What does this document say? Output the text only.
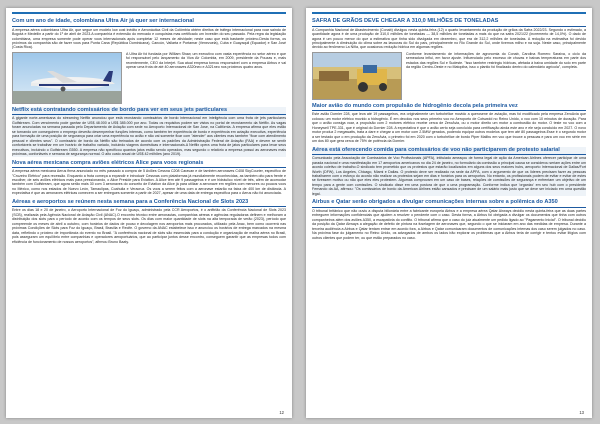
Com um ano de idade, colombiana Ultra Air já quer ser internacional

A empresa aérea colombiana Ultra Air, que segue um modelo low cost inédito e Aeronáutica Civil da Colômbia obtém direitos de tráfego internacional para voar saindo de Bogotá e Medellín a partir do 1º de abril de 2023.A companhia é extensão do mercado e conquistas mas certificado um Investim do seu passado. Pela regra da legislação colombiana, uma empresa somente pode operar voos internacionais após completar 12 meses de atividade; neste caso que está bastante próximo.Desta forma, os próximos da companhia são de fazer voos para Punta Cana (República Dominicana), Cancún, Vallarta e Portamar (Venezuela), Cuba e Guayaquil (Equador) e San José (Costa Rica).

A Ultra Air foi fundada por William Shaw, um executivo com vasta experiência no setor aéreo e que foi responsável pelo lançamento da Viva Air Colombia, em 2009, presidente da Pouzas e, mais recentemente, CEO da Interjet. Sua atual empresa tornou responsável com a empresa Airbus e vai operar uma frota de até 40 aeronaves A320neo e A321neo nos próximos quatro anos.

Netflix está contratando comissários de bordo para ver em seus jets particulares

A gigante norte-americana do streaming Netflix anunciou que está recrutando comissários de bordo internacional em inteligência com uma frota de jets particulares Gulfstream. Com vencimento pode ganhar de US$ 48.000 a US$ 385.000 por ano. Todas os requisitos podem ser vistos no portal de recrutamento da Netflix. As vagas foram anunciadas na semana passada pelo Departamento de Aviação com sede no Aeroporto Internacional de San Jose, na Califórnia. A empresa afirma que eles estão se tornando um conseguirem o emprego deverão desempenhar funções internas, como também ter experiência de bordo e experiência em aviação executiva, experiência para formação de uma posição de segurança para criar uma experiência no avião e não vai somente ficar com "atender" aos clientes mas também "ficar com atendimento pessoal e clientes seus". O comissário de bordo da Netflix são treinados de acordo com os padrões da Administração Federal de Aviação (FAA) e devem se sentir confortáveis se trabalhar em um horário de trabalho variado, incluindo viagens domésticas e internacionais.A Netflix opera uma frota de jatos particulares para levar seus executivos, incluindo o Gulfstream G550. A empresa não specificou quantos jatos estão sendo operados, mas segundo o relatório a empresa possui as aeronaves mais próximas, confortáveis e semana de segurança normal. O alto custo anual de US$ 42 milhões (ano 2019).

Nova aérea mexicana compra aviões elétricos Alice para voos regionais

A empresa aérea mexicana Aerus firma anunciado no mês passado a compra de 5 Aviões Cessna C208 Caravan e de também aeronaves C408 SkyCourier, específico de "Cruzeiro Elétrico" para recessão. Enquanto a frota começa a expandir e introduzir Cessnas com plataformas já mundialmente reconhecidas, as também oito para frente e escolher, de seis aviões elétricos mais para pressionando, o Alice Preside para Eviation. A Alice tem até 9 passageiros e é um hidráulico nível de três, além de acomodar também com Gulfstream, que agora serão mais 30 com 3 aeronaves do conceito de Eviation da Alice já para utilizar a aeronave em regiões com menores ou poucos voos no México, como nos estados de Nuevo León, Tamaulipas, Coahuila e Veracruz. Os voos a serem feitos com a aeronave estarão na faixa de 400 km de distância. A expectativa é que as aeronaves elétricas comecem a ser entregues somente a partir de 2027, apesar de uma data de entrega específica para o Aerus não foi anunciada.

Aéreas e aeroportos se reúnem nesta semana para a Conferência Nacional de Slots 2023

Entre os dias 18 e 20 de janeiro, o Aeroporto Internacional de Foz do Iguaçu, administrado pela CCR Aeroportos, é o anfitrião da Conferência Nacional de Slots 2023 (SCB), realizada pela Agência Nacional de Aviação Civil (ANAC).O encontro técnico entre aeronautas, companhias aéreas e agências reguladoras definem e melhoram a distribuição dos slots para o período de acordo com os tempos de seus slots. Os dias com maior quantidade de slots na alta temporada de verão (2023), período que compreende os meses de abril a outubro, com horários de dados de pouso e decolagem nos aeroportos mais procurados, utilizado pela Anac, bem como ocorrerá nas próximas Condições de Slots para Foz do Iguaçu, Brasil, Brasília e Recife. O governo da ANAC estabelece isso e anunciou os horários de entrega marcados na mesma data, refletindo o próximo de importância do evento no Brasil. "A conferência nacional de slots são essenciais para a condução e organização de malha aérea no Brasil, pois asseguram um equilíbrio entre companhias e operadores aeroportuários, que ao participar juntos desse encontro, conseguem garantir que as empresas todos com eficiência de funcionamento de nossos aeroportos", afirmou Bruno Baaty.

12
SAFRA DE GRÃOS DEVE CHEGAR A 310,0 MILHÕES DE TONELADAS

A Companhia Nacional de Abastecimento (Conab) divulgou nesta quinta-feira (12) o quarto levantamento da produção de grãos da Safra 2022/23. Segundo o estimado, a quantidade agora é de uma produção de 310,0 milhões de toneladas — 38,5 milhões de toneladas a mais do que na safra 2021/22 (incremento de 14,0%). O dado de agora é um pouco menor do que a estimativa que tinha sido divulgada em dezembro, que era de 312,2 milhões de toneladas. A redução na estimativa foi devido principalmente à diminuição do clima sobre as lavouras do Sul do país, principalmente no Rio Grande do Sul, onde tivemos milho e na soja. Neste caso, principalmente devido ao fenômeno La Niña, que ocasionou redução hídrica em algumas regiões.

Conforme levantamento de informações de agronomia do Conab, Carolina Romero Saraiva, o ciclo da semeadura influi, em favor ajuste. Influenciado pelo excesso de chuvas e baixas temperaturas em parte dos estados das regiões Sul e Sudeste. "Isso também restringiu hídricas, afetada à baixa umidade do solo em parte da região Centro-Oeste e no Matopiba, isso o plantio foi finalizado dentro do calendário agrícola", completa.

Maior avião do mundo com propulsão de hidrogênio decola pela primeira vez

Este avião Dornier 228, que leva até 19 passageiros, era originalmente um turbohélice movido a querosene de aviação, mas foi modificado pela empresa ZeroAvia que colocou um motor elétrico movido a hidrogênio. É em decolou nos seus primeiro voo no Aeroporto de Cotswold no Reino Unido, o voo com 10 minutos de duração. Para que o avião consiga voar, a propulsão com 2 motores elétrico recebe cerca de ZeroAvia, ou o motor direito um motor a combustão do motor. O teste no voo com a Honeywell TPE-331, que é original do Dornier 228. A expectativa é que o avião certo seja concluído para certificação ainda este ano e ele seja concluído em 2027. O novo motor produz 2 megawatts, trata a dare e chegar a um motor com 2.5MW gerados, podendo equipar outros modelos que tem até 80 passageiros.Esse é o segundo motor a ser testado que o em produção da ZeroAvia, o primeiro foi em 2020 com o turbohélice de bordo Piper Malibu em voo que trouxe a pessoas e para um voo em série em um dos 80 que gera cerca de 75% de potência da Dornier.

Aérea está oferecendo comida para comissários de voo não participarem de protesto salarial

Comunicado pela Associação de Comissários de Voo Profissionais (APFA), intitulado ameaçou de forma legal de ação da American Airlines oferecer participar de uma parada nacional e uma manifestação em 17 aeroportos americanos no dia 24 de janeiro, no formulário da comissão a principal causa se considerou seriam ações entre um acordo coletivo de trabalho.O sindicato tem prometido que os protestos que estarão localizados em alguns dos seus maiores hubs, aeroporto Internacional de Dallas/Fort Worth (DFW), Los Angeles, Chicago, Miami e Dallas. O protesto deve ser realizado na sede da APFA, com o argumento de que os líderes precisam fazer as pessoas trabalharem com o esforço do acordo não realizar os protestos sejam em dias e horários para os aeroportos. No entanto, os profissionais podem de evitar e evitar de estes se tivessem motivo ou não que eles eles protestem. Algumas comprovam em um caso de bases, relações de comissões de segurança e enfrentam um objetivo de um tempo para a gente com comissões. O sindicato disse em uma postura de que o uma programação. Conforme indica que 'organizo' em seu hub com o presidente Fernando da AA, afirmou: "Os comissários de bordo da American Airlines estão cansados e precisam de um salário mais justo que se deve ser iniciado em uma questão legal.

Airbus e Qatar serão obrigados a divulgar comunicações internas sobre a polêmica do A350

O tribunal britânico que não ouviu a disputa bilionária entre a fabricante europeia Airbus e a empresa aérea Qatar Airways decidiu nesta quinta-feira que as duas partes entreguem informações confidenciais que ajudem a resolver o pendente com o caso. Desta forma, a Airbus foi obrigada a divulgar os documentos que tinha com outros companheiros além dos aviões A350, a escapatória do conflito. O tribunal afirma que o caso do juiz atualmente um pedido ligado ao "Pagamento Inicial". O tribunal decidiu da posição da Qatar Airways a alegação de defeito de pintura na fuselagem de aeronaves que, segundo o que se iniciaram em ano das medidas de empresa. Durante a terceira audiência a Airbus e Qatar tentam entrar em acordo fora, a Airbus e Qatar comunicaram documentos de comunicações internas dos caso serem julgados no caso. Na próxima fase do julgamento no Reino Unido, os advogados de ambos os lados irão explorar os problemas que a Airbus teria de corrigir e tentou evitar litígios com outros clientes que podem ter, ou que estão preparados no caso.

13
